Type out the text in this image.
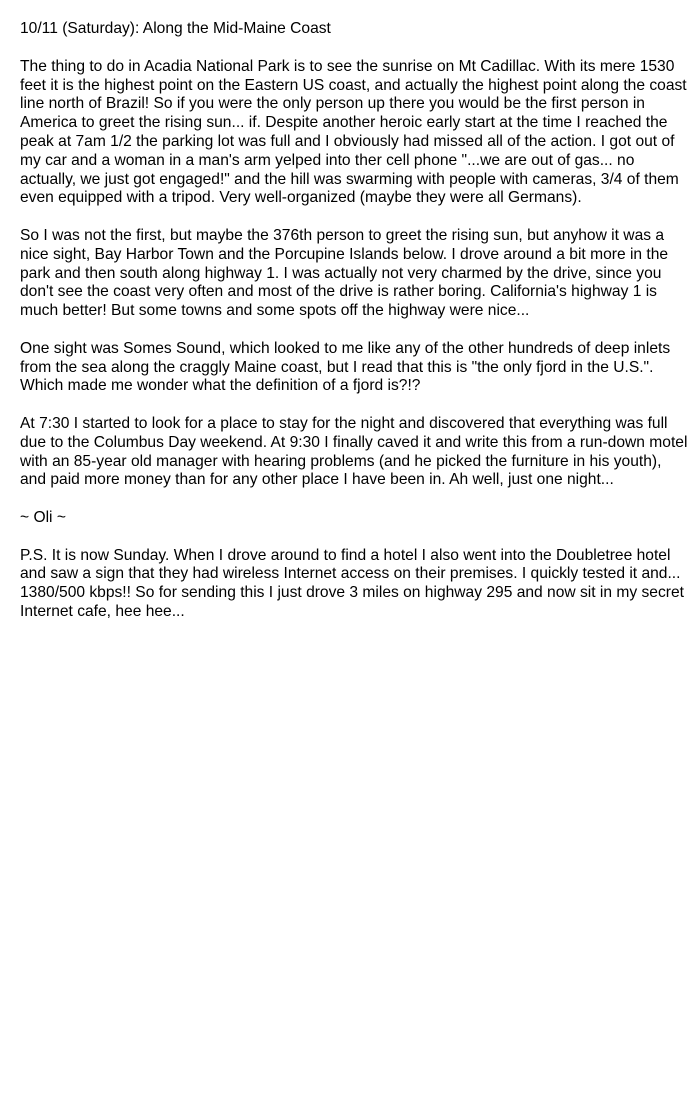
10/11 (Saturday): Along the Mid-Maine Coast

The thing to do in Acadia National Park is to see the sunrise on Mt Cadillac. With its mere 1530 feet it is the highest point on the Eastern US coast, and actually the highest point along the coast line north of Brazil! So if you were the only person up there you would be the first person in America to greet the rising sun... if. Despite another heroic early start at the time I reached the peak at 7am 1/2 the parking lot was full and I obviously had missed all of the action. I got out of my car and a woman in a man's arm yelped into ther cell phone "...we are out of gas... no actually, we just got engaged!" and the hill was swarming with people with cameras, 3/4 of them even equipped with a tripod. Very well-organized (maybe they were all Germans).

So I was not the first, but maybe the 376th person to greet the rising sun, but anyhow it was a nice sight, Bay Harbor Town and the Porcupine Islands below. I drove around a bit more in the park and then south along highway 1. I was actually not very charmed by the drive, since you don't see the coast very often and most of the drive is rather boring. California's highway 1 is much better! But some towns and some spots off the highway were nice...

One sight was Somes Sound, which looked to me like any of the other hundreds of deep inlets from the sea along the craggly Maine coast, but I read that this is "the only fjord in the U.S.". Which made me wonder what the definition of a fjord is?!?

At 7:30 I started to look for a place to stay for the night and discovered that everything was full due to the Columbus Day weekend. At 9:30 I finally caved it and write this from a run-down motel with an 85-year old manager with hearing problems (and he picked the furniture in his youth), and paid more money than for any other place I have been in. Ah well, just one night...

~ Oli ~

P.S. It is now Sunday. When I drove around to find a hotel I also went into the Doubletree hotel and saw a sign that they had wireless Internet access on their premises. I quickly tested it and... 1380/500 kbps!! So for sending this I just drove 3 miles on highway 295 and now sit in my secret Internet cafe, hee hee...
